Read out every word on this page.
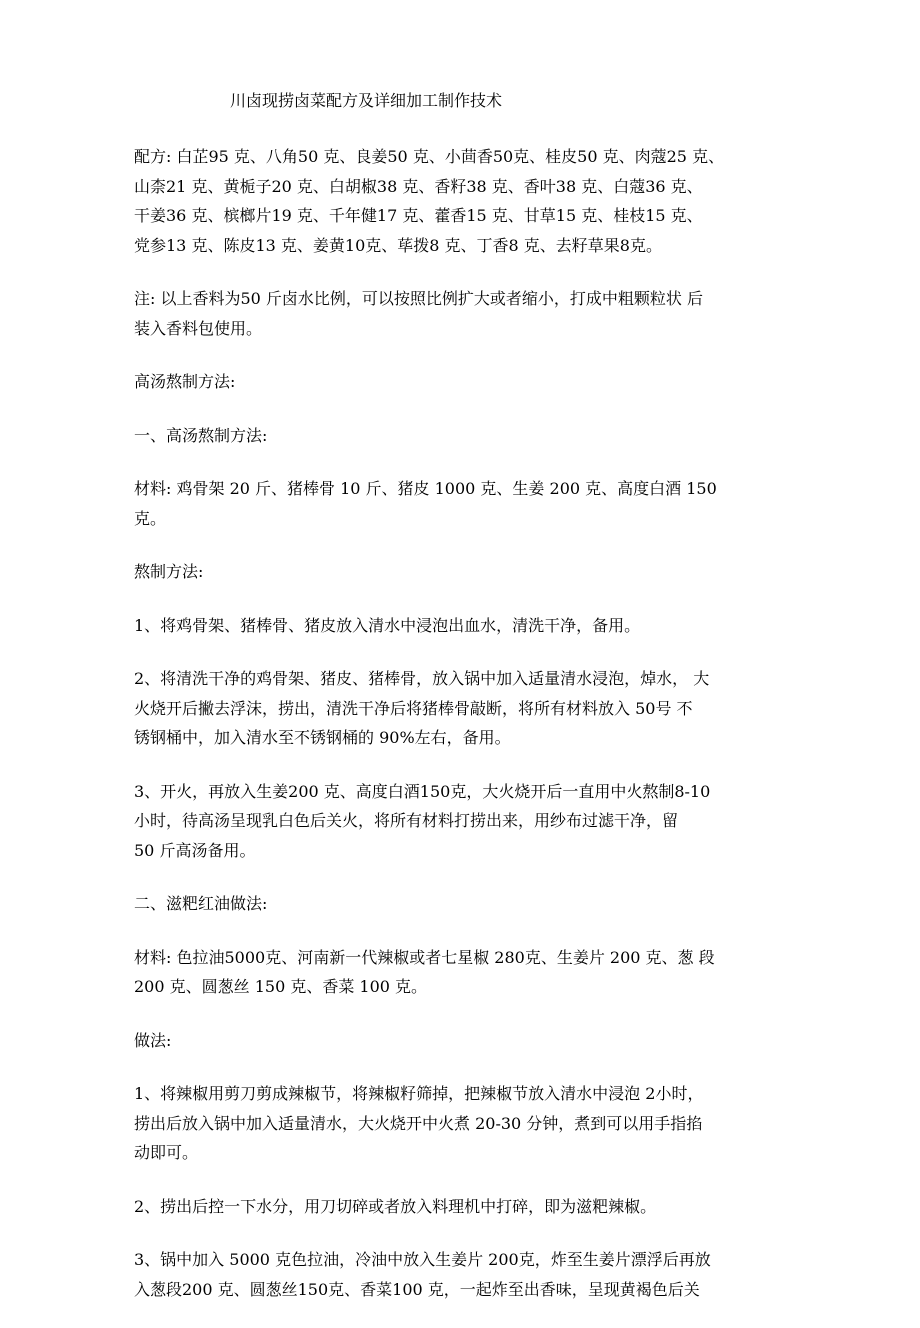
川卤现捞卤菜配方及详细加工制作技术

配方: 白芷95 克、八角50 克、良姜50 克、小茴香50克、桂皮50 克、肉蔻25 克、
山柰21 克、黄栀子20 克、白胡椒38 克、香籽38 克、香叶38 克、白蔻36 克、
干姜36 克、槟榔片19 克、千年健17 克、藿香15 克、甘草15 克、桂枝15 克、
党参13 克、陈皮13 克、姜黄10克、荜拨8 克、丁香8 克、去籽草果8克。

注: 以上香料为50 斤卤水比例，可以按照比例扩大或者缩小，打成中粗颗粒状 后
装入香料包使用。

高汤熬制方法:

一、高汤熬制方法:

材料: 鸡骨架 20 斤、猪棒骨 10 斤、猪皮 1000 克、生姜 200 克、高度白酒 150
克。

熬制方法:

1、将鸡骨架、猪棒骨、猪皮放入清水中浸泡出血水，清洗干净，备用。

2、将清洗干净的鸡骨架、猪皮、猪棒骨，放入锅中加入适量清水浸泡，焯水， 大
火烧开后撇去浮沫，捞出，清洗干净后将猪棒骨敲断，将所有材料放入 50号 不
锈钢桶中，加入清水至不锈钢桶的 90%左右，备用。

3、开火，再放入生姜200 克、高度白酒150克，大火烧开后一直用中火熬制8-10
小时，待高汤呈现乳白色后关火，将所有材料打捞出来，用纱布过滤干净，留
50 斤高汤备用。

二、滋粑红油做法:

材料: 色拉油5000克、河南新一代辣椒或者七星椒 280克、生姜片 200 克、葱 段
200 克、圆葱丝 150 克、香菜 100 克。

做法:

1、将辣椒用剪刀剪成辣椒节，将辣椒籽筛掉，把辣椒节放入清水中浸泡 2小时，
捞出后放入锅中加入适量清水，大火烧开中火煮 20-30 分钟，煮到可以用手指掐
动即可。

2、捞出后控一下水分，用刀切碎或者放入料理机中打碎，即为滋粑辣椒。

3、锅中加入 5000 克色拉油，冷油中放入生姜片 200克，炸至生姜片漂浮后再放
入葱段200 克、圆葱丝150克、香菜100 克，一起炸至出香味，呈现黄褐色后关
